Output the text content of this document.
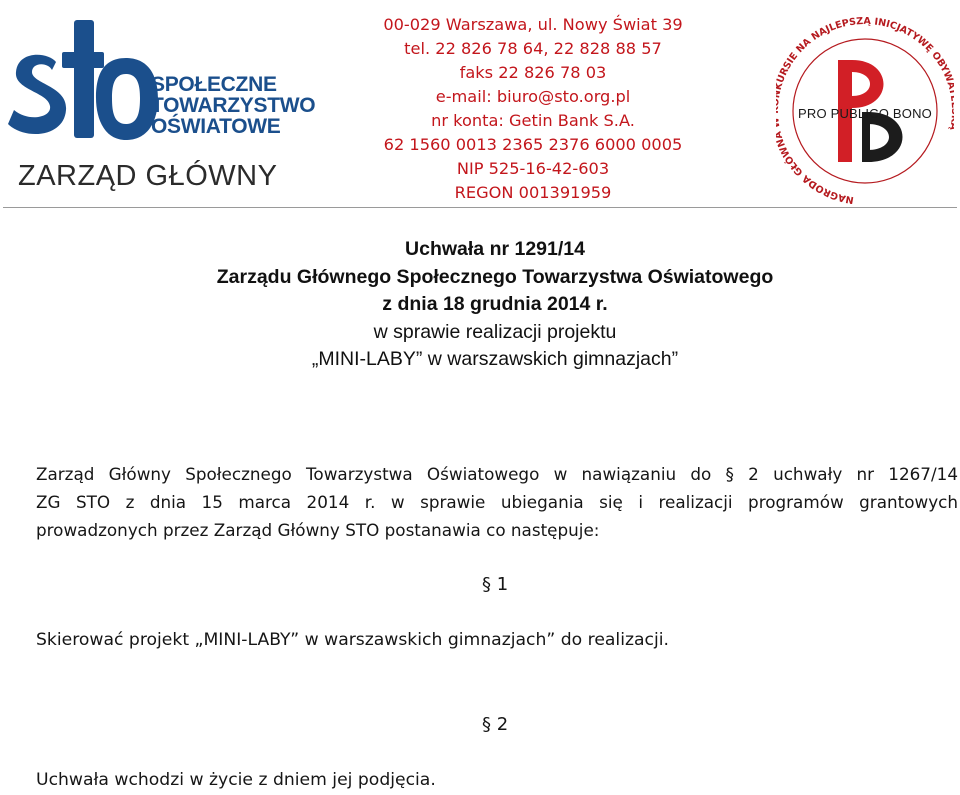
SPOŁECZNE
TOWARZYSTWO
OŚWIATOWE
ZARZĄD GŁÓWNY
00-029 Warszawa, ul. Nowy Świat 39
tel. 22 826 78 64, 22 828 88 57
faks 22 826 78 03
e-mail: biuro@sto.org.pl
nr konta: Getin Bank S.A.
62 1560 0013 2365 2376 6000 0005
NIP 525-16-42-603
REGON 001391959	NAGRODA GŁÓWN URSIE NA NAJLEPSZĄ INICJATYWĘ OBYW
PRO PUBLICO BONO
Uchwała nr 1291/14
Zarządu Głównego Społecznego Towarzystwa Oświatowego
z dnia 18 grudnia 2014 r.
w sprawie realizacji projektu
„MINI-LABY” w warszawskich gimnazjach”
Zarząd Główny Społecznego Towarzystwa Oświatowego w nawiązaniu do § 2 uchwały nr 1267/14
ZG STO z dnia 15 marca 2014 r. w sprawie ubiegania się i realizacji programów grantowych
prowadzonych przez Zarząd Główny STO postanawia co następuje:
§ 1
Skierować projekt „MINI-LABY” w warszawskich gimnazjach” do realizacji.
§ 2
Uchwała wchodzi w życie z dniem jej podjęcia.
